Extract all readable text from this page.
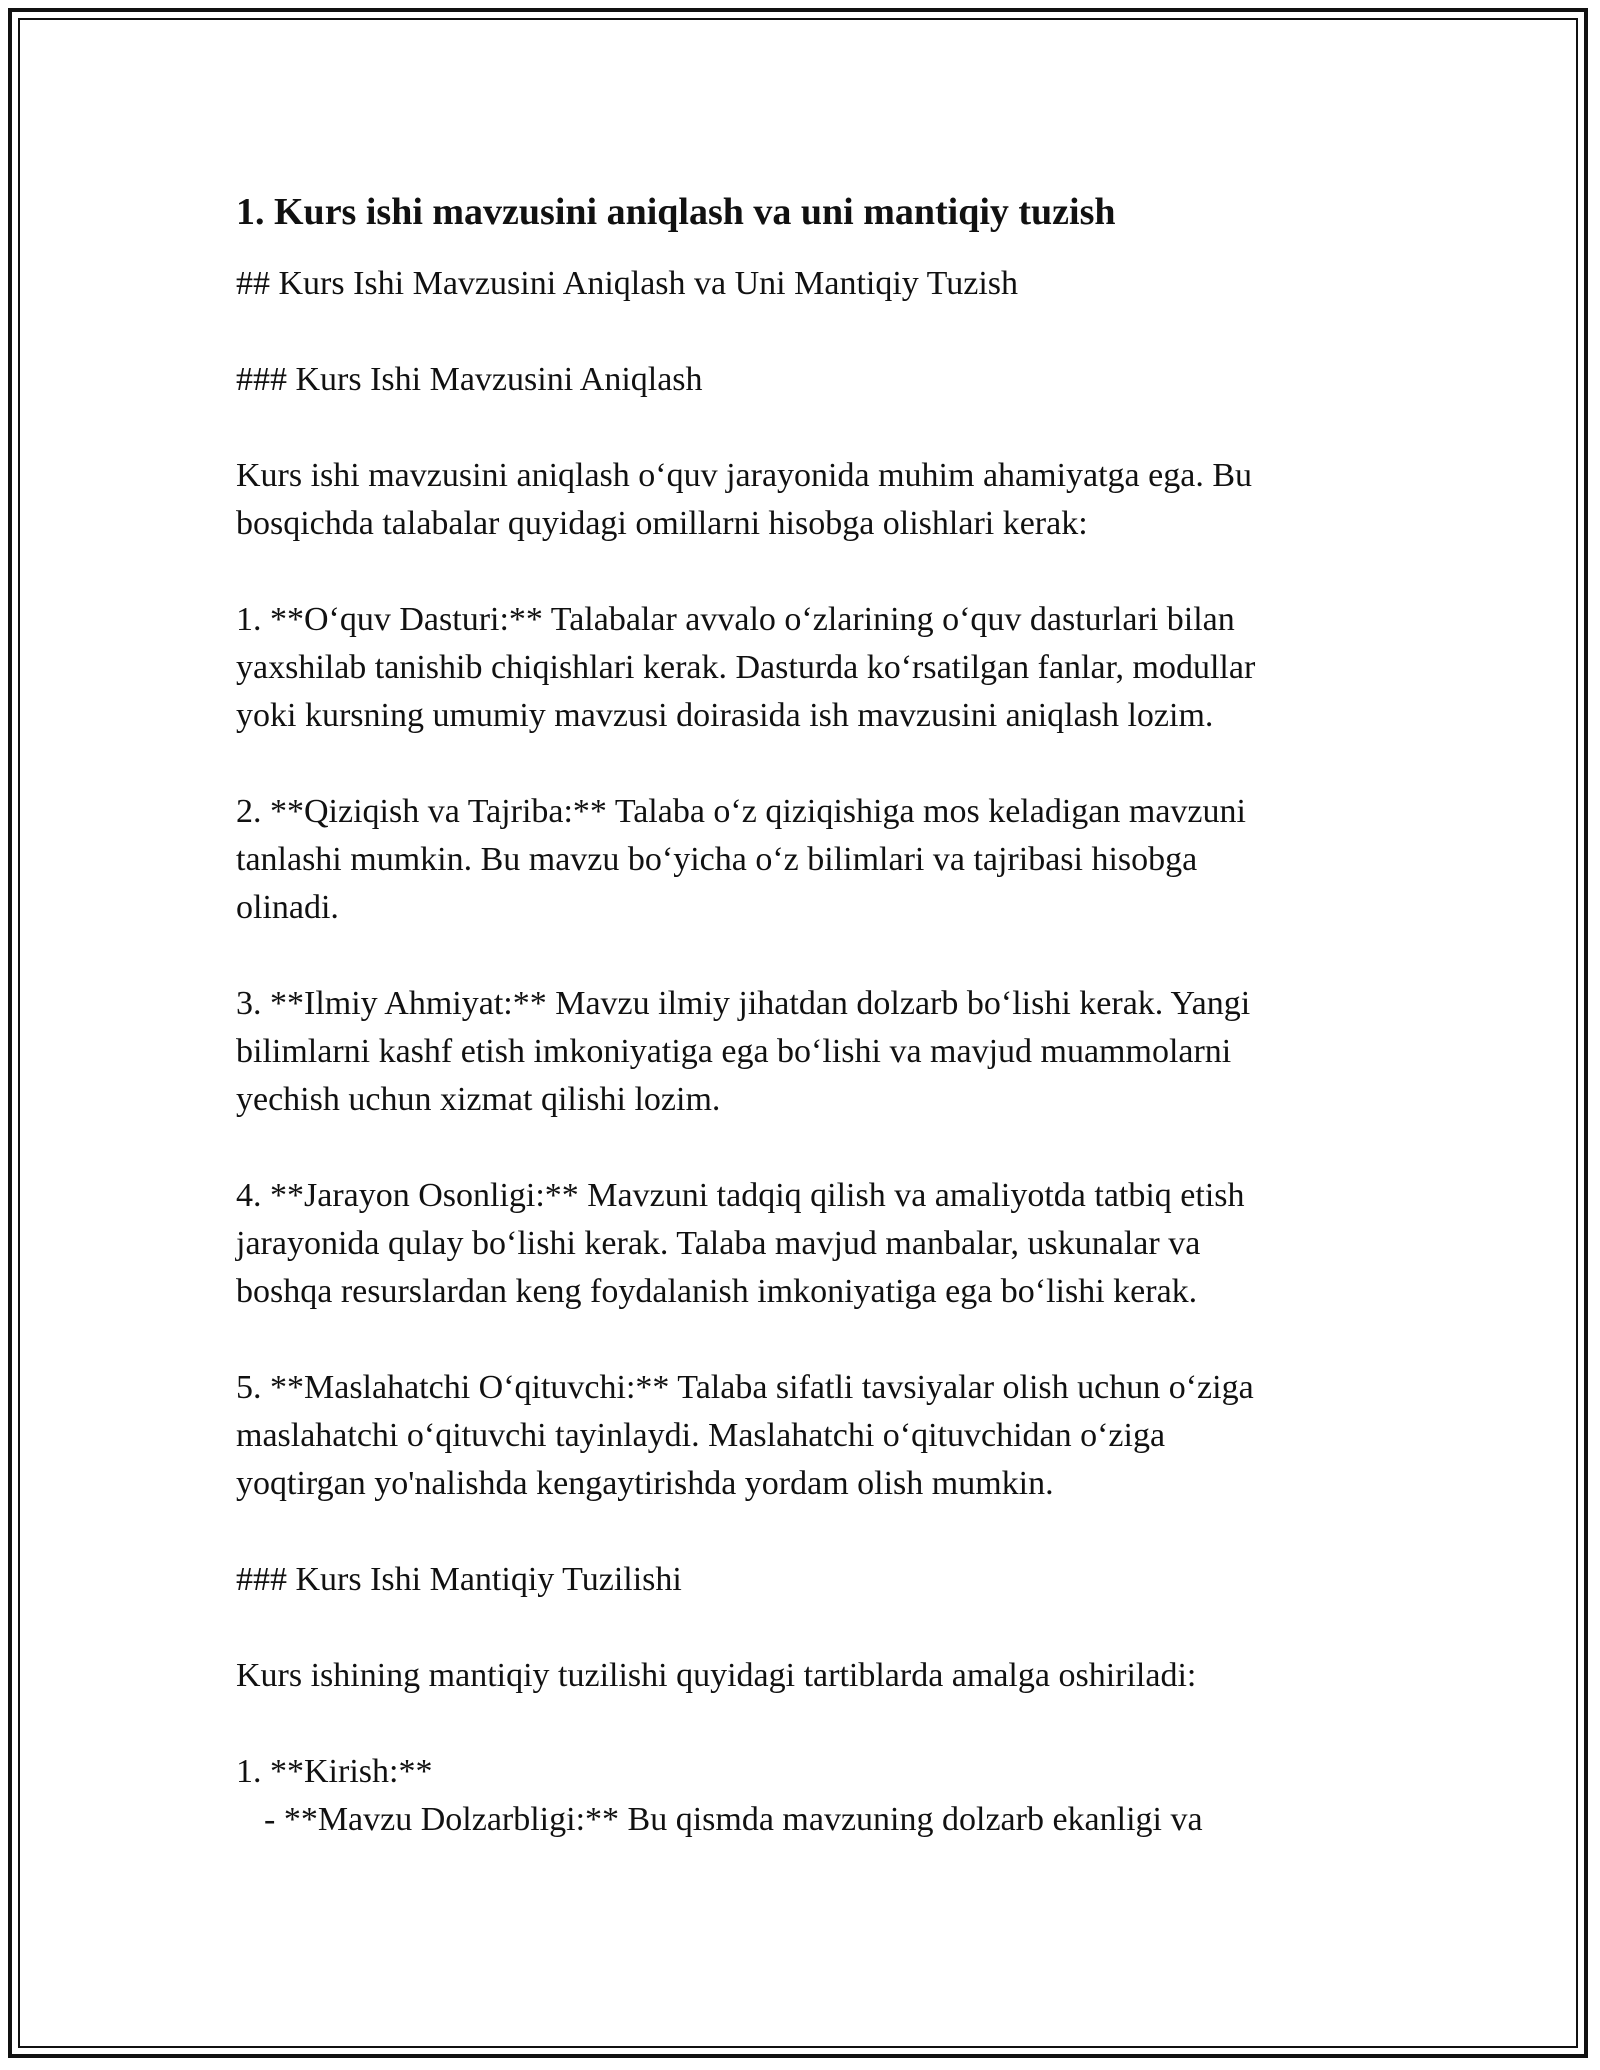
1. Kurs ishi mavzusini aniqlash va uni mantiqiy tuzish

## Kurs Ishi Mavzusini Aniqlash va Uni Mantiqiy Tuzish

### Kurs Ishi Mavzusini Aniqlash

Kurs ishi mavzusini aniqlash o‘quv jarayonida muhim ahamiyatga ega. Bu

bosqichda talabalar quyidagi omillarni hisobga olishlari kerak:

1. **O‘quv Dasturi:** Talabalar avvalo o‘zlarining o‘quv dasturlari bilan

yaxshilab tanishib chiqishlari kerak. Dasturda ko‘rsatilgan fanlar, modullar

yoki kursning umumiy mavzusi doirasida ish mavzusini aniqlash lozim.

2. **Qiziqish va Tajriba:** Talaba o‘z qiziqishiga mos keladigan mavzuni

tanlashi mumkin. Bu mavzu bo‘yicha o‘z bilimlari va tajribasi hisobga

olinadi.

3. **Ilmiy Ahmiyat:** Mavzu ilmiy jihatdan dolzarb bo‘lishi kerak. Yangi

bilimlarni kashf etish imkoniyatiga ega bo‘lishi va mavjud muammolarni

yechish uchun xizmat qilishi lozim.

4. **Jarayon Osonligi:** Mavzuni tadqiq qilish va amaliyotda tatbiq etish

jarayonida qulay bo‘lishi kerak. Talaba mavjud manbalar, uskunalar va

boshqa resurslardan keng foydalanish imkoniyatiga ega bo‘lishi kerak.

5. **Maslahatchi O‘qituvchi:** Talaba sifatli tavsiyalar olish uchun o‘ziga

maslahatchi o‘qituvchi tayinlaydi. Maslahatchi o‘qituvchidan o‘ziga

yoqtirgan yo'nalishda kengaytirishda yordam olish mumkin.

### Kurs Ishi Mantiqiy Tuzilishi

Kurs ishining mantiqiy tuzilishi quyidagi tartiblarda amalga oshiriladi:

1. **Kirish:**

- **Mavzu Dolzarbligi:** Bu qismda mavzuning dolzarb ekanligi va
